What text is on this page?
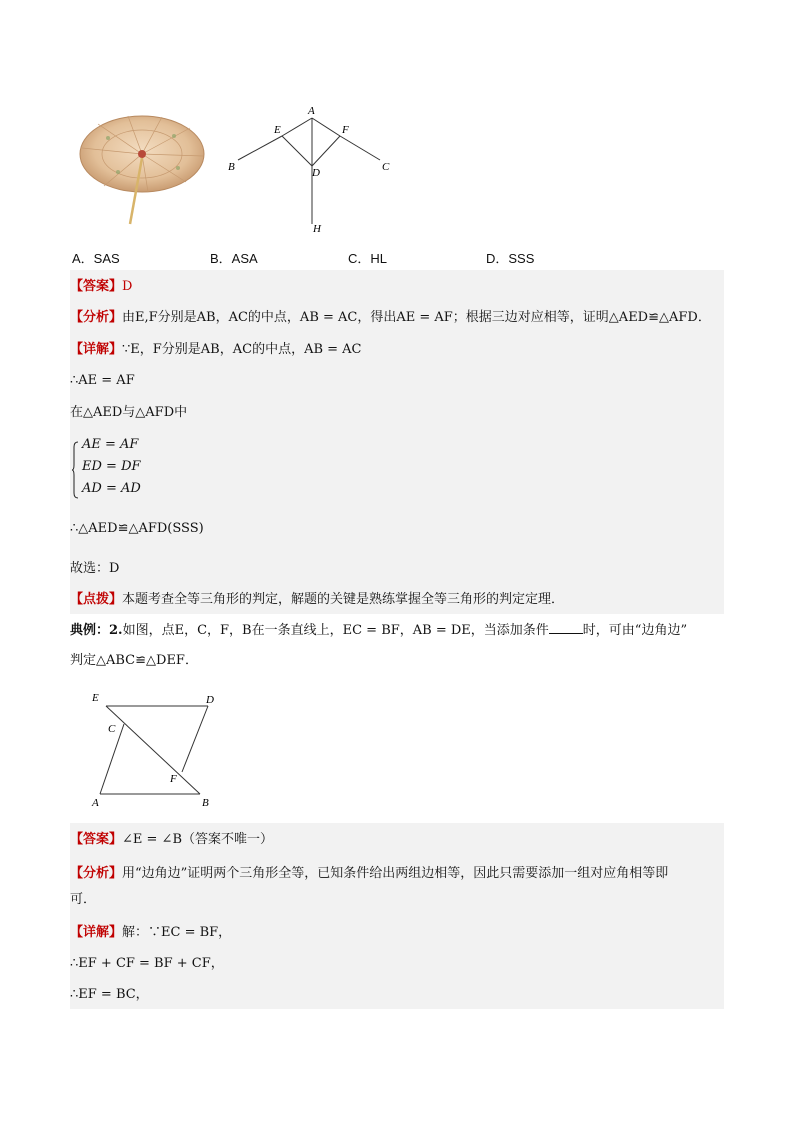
A
E	F
B	C
D
H
A．SAS	B．ASA	C．HL	D．SSS
【答案】D
【分析】由E,F分别是AB，AC的中点，AB = AC，得出AE = AF；根据三边对应相等，证明△AED≌△AFD．
【详解】∵E，F分别是AB，AC的中点，AB = AC
∴AE = AF
在△AED与△AFD中
AE = AF
ED = DF
AD = AD
∴△AED≌△AFD(SSS)
故选：D
【点拨】本题考查全等三角形的判定，解题的关键是熟练掌握全等三角形的判定定理．
典例：2.如图，点E，C，F，B在一条直线上，EC = BF，AB = DE，当添加条件	时，可由“边角边”
判定△ABC≌△DEF．
E	D
C
F
A	B
【答案】∠E = ∠B（答案不唯一）
【分析】用“边角边”证明两个三角形全等，已知条件给出两组边相等，因此只需要添加一组对应角相等即
可．
【详解】解：∵EC = BF，
∴EF + CF = BF + CF，
∴EF = BC，
